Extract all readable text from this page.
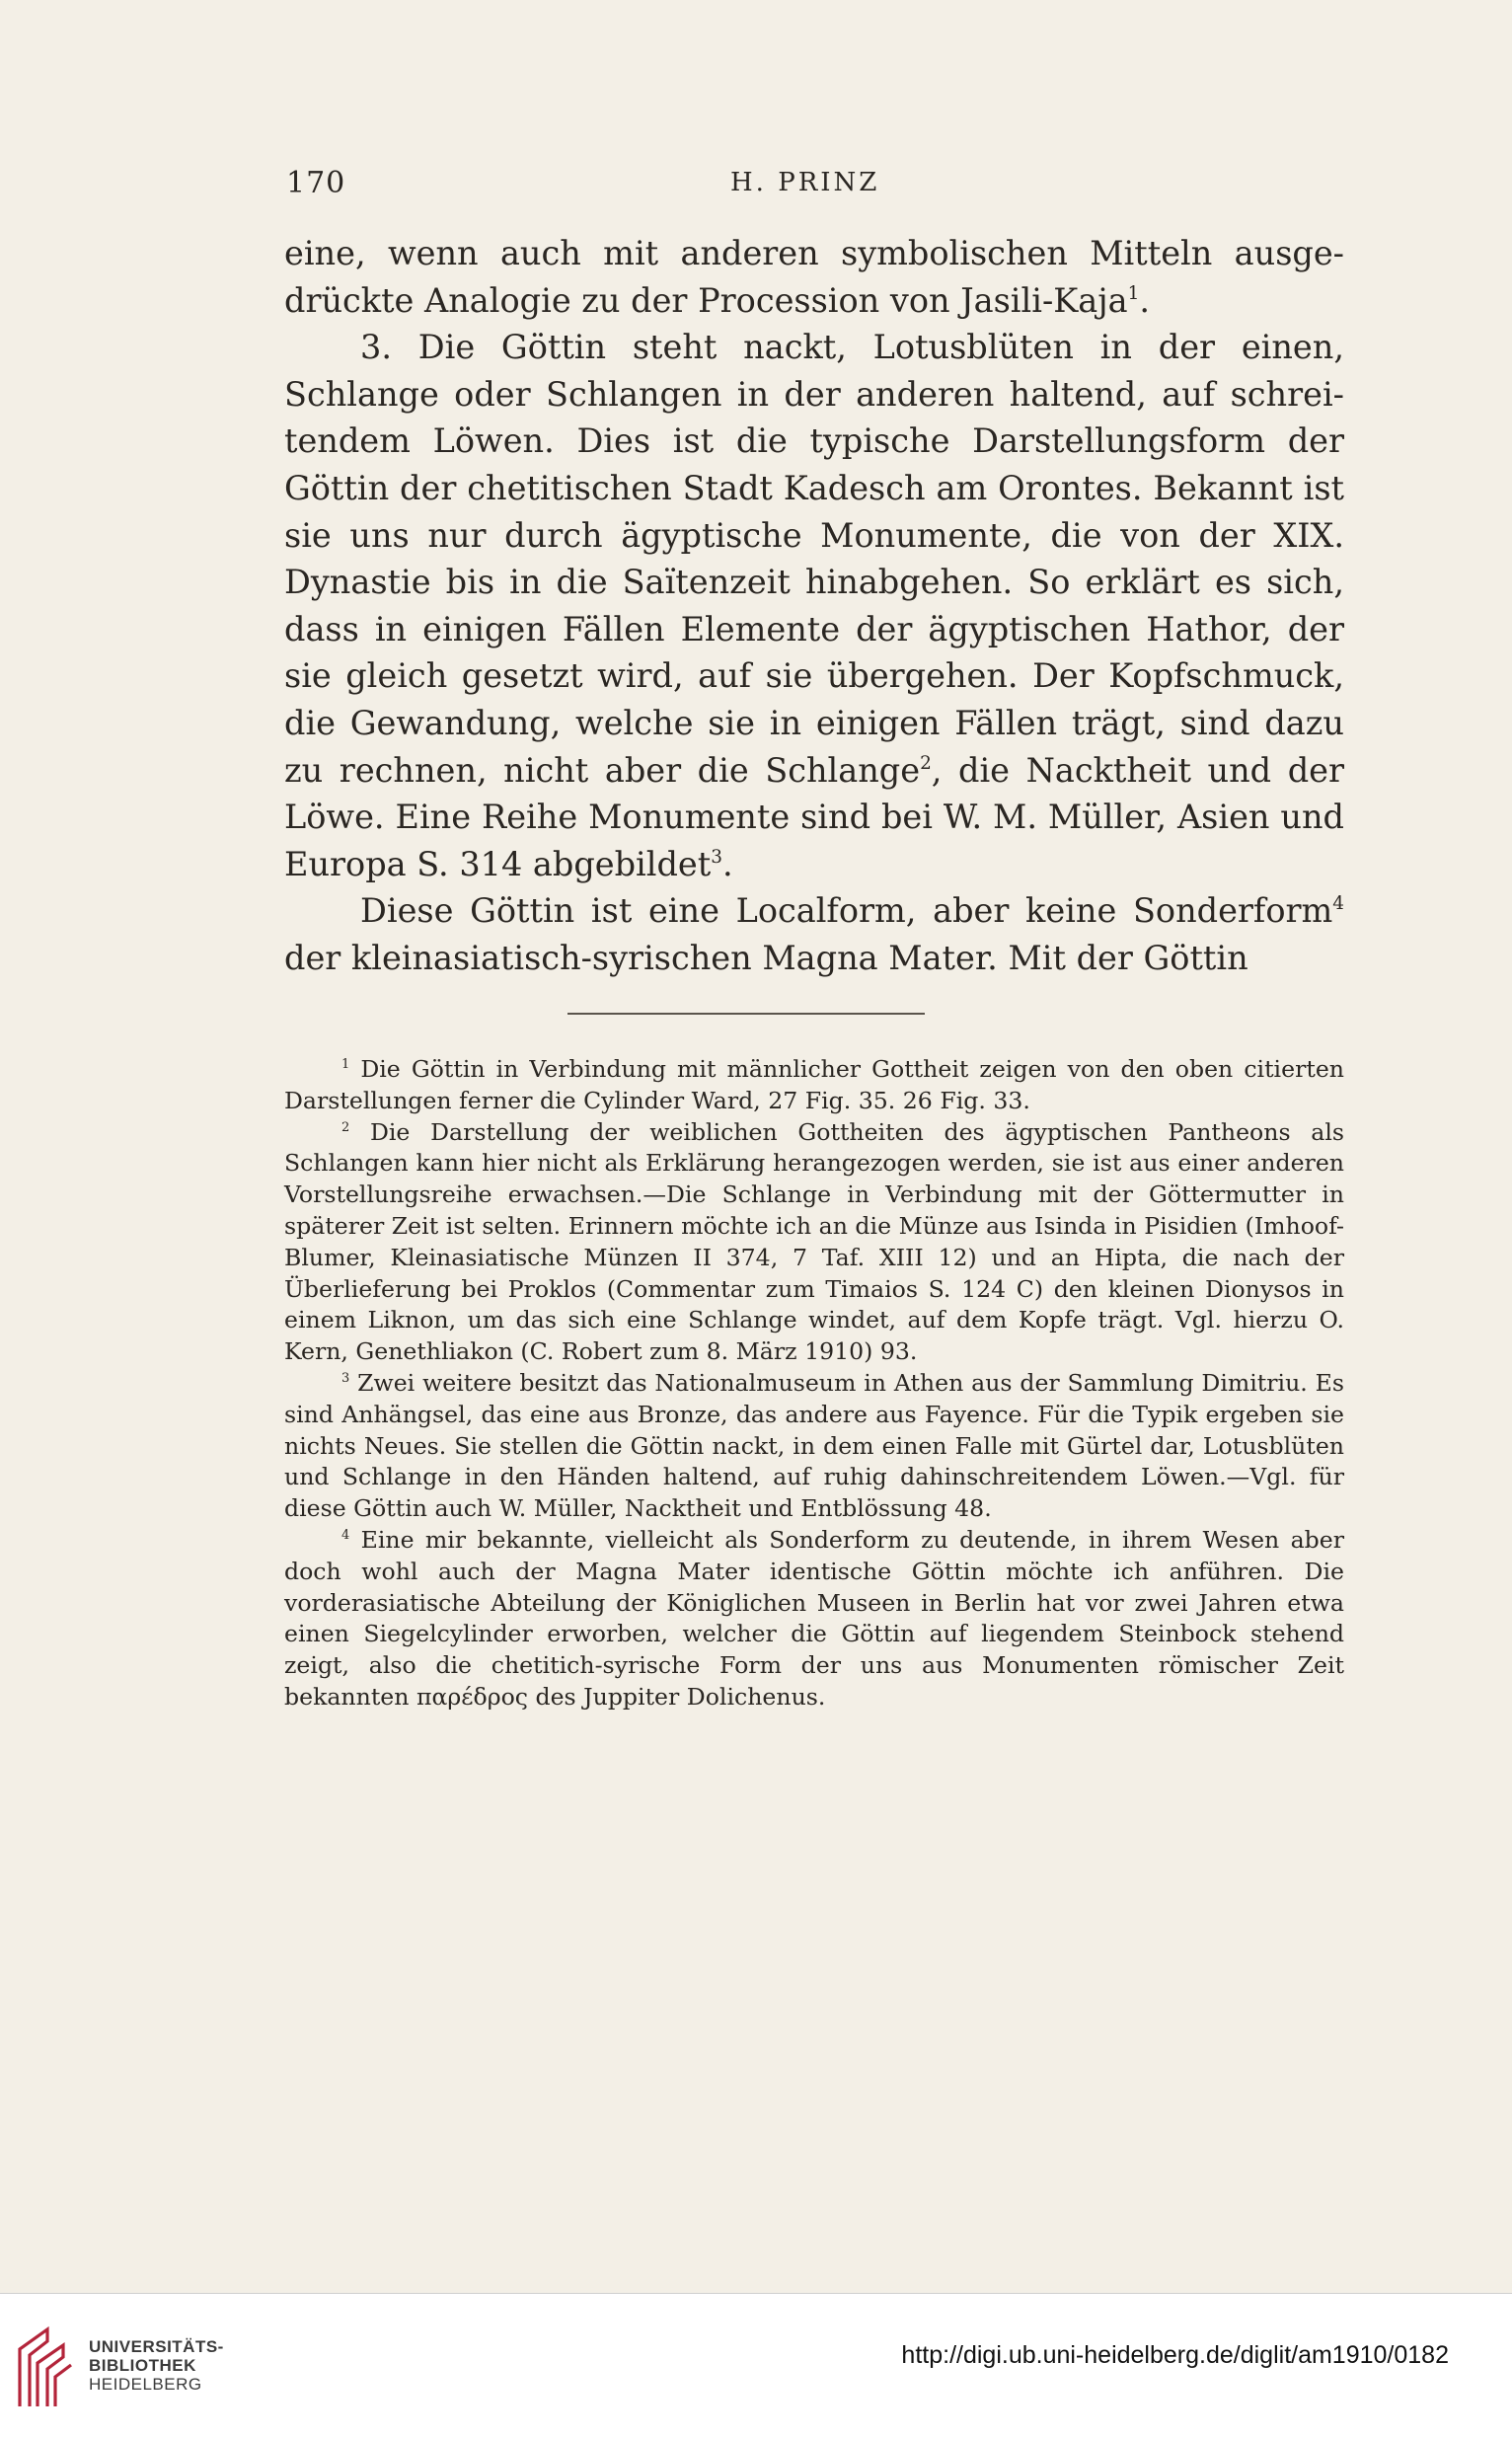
170	H. PRINZ

eine, wenn auch mit anderen symbolischen Mitteln ausgedrückte Analogie zu der Procession von Jasili-Kaja$^1$.

3. Die Göttin steht nackt, Lotusblüten in der einen, Schlange oder Schlangen in der anderen haltend, auf schreitendem Löwen. Dies ist die typische Darstellungsform der Göttin der chetitischen Stadt Kadesch am Orontes. Bekannt ist sie uns nur durch ägyptische Monumente, die von der XIX. Dynastie bis in die Saïtenzeit hinabgehen. So erklärt es sich, dass in einigen Fällen Elemente der ägyptischen Hathor, der sie gleich gesetzt wird, auf sie übergehen. Der Kopfschmuck, die Gewandung, welche sie in einigen Fällen trägt, sind dazu zu rechnen, nicht aber die Schlange$^2$, die Nacktheit und der Löwe. Eine Reihe Monumente sind bei W. M. Müller, Asien und Europa S. 314 abgebildet$^3$.

Diese Göttin ist eine Localform, aber keine Sonderform$^4$ der kleinasiatisch-syrischen Magna Mater. Mit der Göttin

$^1$ Die Göttin in Verbindung mit männlicher Gottheit zeigen von den oben citierten Darstellungen ferner die Cylinder Ward, 27 Fig. 35. 26 Fig. 33.

$^2$ Die Darstellung der weiblichen Gottheiten des ägyptischen Pantheons als Schlangen kann hier nicht als Erklärung herangezogen werden, sie ist aus einer anderen Vorstellungsreihe erwachsen.—Die Schlange in Verbindung mit der Göttermutter in späterer Zeit ist selten. Erinnern möchte ich an die Münze aus Isinda in Pisidien (Imhoof-Blumer, Kleinasiatische Münzen II 374, 7 Taf. XIII 12) und an Hipta, die nach der Überlieferung bei Proklos (Commentar zum Timaios S. 124 C) den kleinen Dionysos in einem Liknon, um das sich eine Schlange windet, auf dem Kopfe trägt. Vgl. hierzu O. Kern, Genethliakon (C. Robert zum 8. März 1910) 93.

$^3$ Zwei weitere besitzt das Nationalmuseum in Athen aus der Sammlung Dimitriu. Es sind Anhängsel, das eine aus Bronze, das andere aus Fayence. Für die Typik ergeben sie nichts Neues. Sie stellen die Göttin nackt, in dem einen Falle mit Gürtel dar, Lotusblüten und Schlange in den Händen haltend, auf ruhig dahinschreitendem Löwen.—Vgl. für diese Göttin auch W. Müller, Nacktheit und Entblössung 48.

$^4$ Eine mir bekannte, vielleicht als Sonderform zu deutende, in ihrem Wesen aber doch wohl auch der Magna Mater identische Göttin möchte ich anführen. Die vorderasiatische Abteilung der Königlichen Museen in Berlin hat vor zwei Jahren etwa einen Siegelcylinder erworben, welcher die Göttin auf liegendem Steinbock stehend zeigt, also die chetitich-syrische Form der uns aus Monumenten römischer Zeit bekannten παρέδρος des Juppiter Dolichenus.

UNIVERSITÄTS-
BIBLIOTHEK
HEIDELBERG
http://digi.ub.uni-heidelberg.de/diglit/am1910/0182
